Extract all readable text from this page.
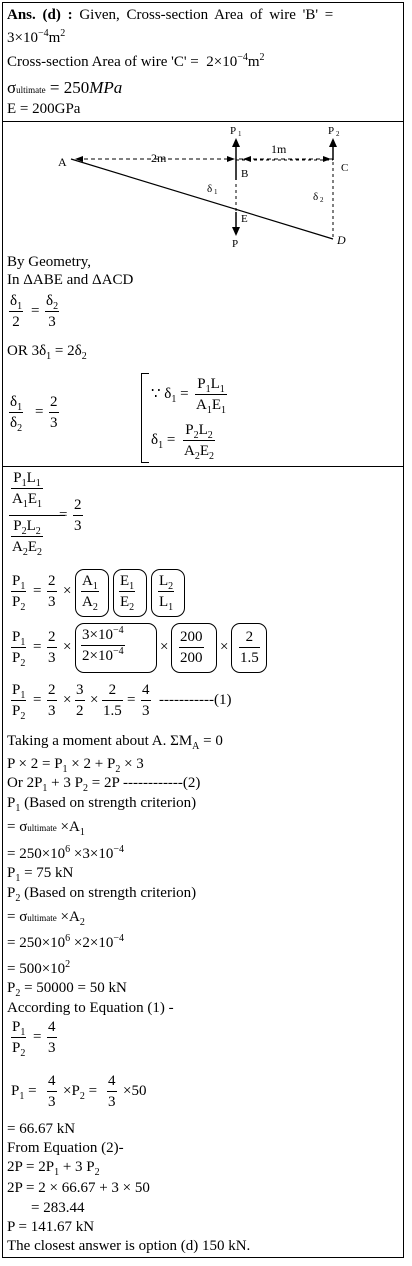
Ans. (d) : Given, Cross-section Area of wire 'B' =
$3\times 10^{-4}m^2$
Cross-section Area of wire '$C' = 2\times 10^{-4}m^2$
σultimate = 250MPa
E = 200GPa
A	2m
1m
P 1	P 2
B	C
δ 1	δ 2
E
D
P
By Geometry,
In ΔABE and ΔACD
$\delta_1$
2
=
$\delta_2$
3
OR $3\delta_1 = 2\delta_2$
$\delta_1$
$\delta_2$
=
2
3
∵ $\delta_1$ =
$P_1L_1$
$A_1E_1$
$\delta_1$ =
$P_2L_2$
$A_2E_2$
$P_1L_1$
$A_1E_1$
$P_2L_2$
$A_2E_2$
=
2
3
$P_1$
$P_2$
=
2
3
×
$A_1$
$A_2$
$E_1$
$E_2$
$L_2$
$L_1$
$P_1$
$P_2$
=
2
3
×
$3\times 10^{-4}$
$2\times 10^{-4}$ ×
200
200
×
2
1.5
$P_1$
$P_2$
=
2
3
×
3
2
×
2
1.5
=
4
3
-----------(1)
Taking a moment about A. $\Sigma M_A = 0$
$P \times 2 = P_1 \times 2 + P_2 \times 3$
Or $2P_1 + 3$ $P_2 = 2P$ ------------(2)
$P_1$ (Based on strength criterion)
= σultimate $\times A_1$
= $250\times 10^6 \times 3\times 10^{-4}$
$P_1 = 75$ kN
$P_2$ (Based on strength criterion)
= σultimate $\times A_2$
= $250\times 10^6 \times 2\times 10^{-4}$
= $500\times 10^2$
$P_2 = 50000 = 50$ kN
According to Equation (1) -
$P_1$
$P_2$
=
4
3
$P_1$ =
4
3
$\times P_2$ =
4
3
×50
= 66.67 kN
From Equation (2)-
$2P = 2P_1 + 3$ $P_2$
2P = 2 × 66.67 + 3 × 50
= 283.44
P = 141.67 kN
The closest answer is option (d) 150 kN.
